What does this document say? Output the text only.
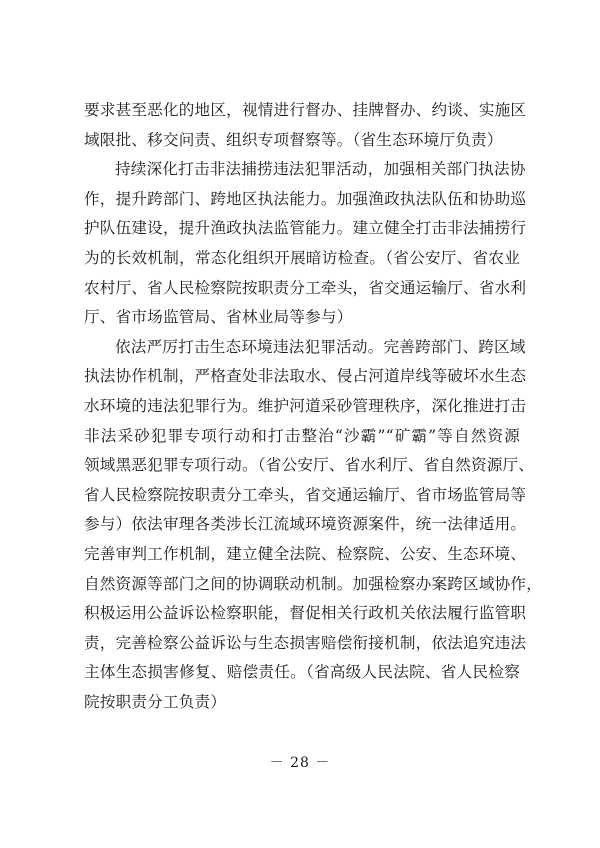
要求甚至恶化的地区，视情进行督办、挂牌督办、约谈、实施区
域限批、移交问责、组织专项督察等。（省生态环境厅负责）
持续深化打击非法捕捞违法犯罪活动，加强相关部门执法协
作，提升跨部门、跨地区执法能力。加强渔政执法队伍和协助巡
护队伍建设，提升渔政执法监管能力。建立健全打击非法捕捞行
为的长效机制，常态化组织开展暗访检查。（省公安厅、省农业
农村厅、省人民检察院按职责分工牵头，省交通运输厅、省水利
厅、省市场监管局、省林业局等参与）
依法严厉打击生态环境违法犯罪活动。完善跨部门、跨区域
执法协作机制，严格查处非法取水、侵占河道岸线等破坏水生态
水环境的违法犯罪行为。维护河道采砂管理秩序，深化推进打击
非法采砂犯罪专项行动和打击整治“沙霸”“矿霸”等自然资源
领域黑恶犯罪专项行动。（省公安厅、省水利厅、省自然资源厅、
省人民检察院按职责分工牵头，省交通运输厅、省市场监管局等
参与）依法审理各类涉长江流域环境资源案件，统一法律适用。
完善审判工作机制，建立健全法院、检察院、公安、生态环境、
自然资源等部门之间的协调联动机制。加强检察办案跨区域协作，
积极运用公益诉讼检察职能，督促相关行政机关依法履行监管职
责，完善检察公益诉讼与生态损害赔偿衔接机制，依法追究违法
主体生态损害修复、赔偿责任。（省高级人民法院、省人民检察
院按职责分工负责）
－ 28 －
